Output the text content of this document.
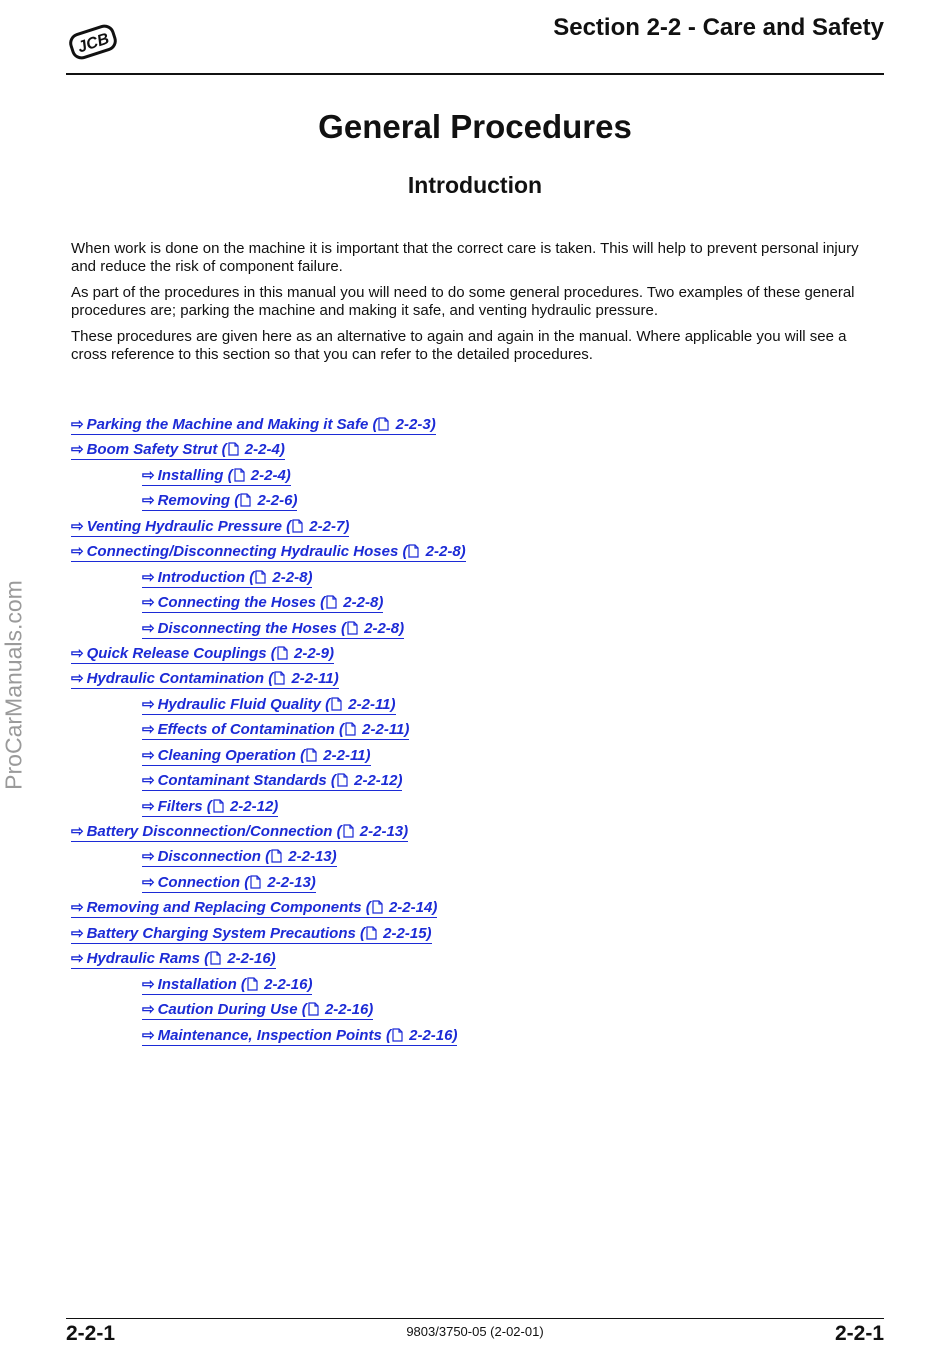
JCB
Section 2-2 - Care and Safety
General Procedures
Introduction

When work is done on the machine it is important that the correct care is taken. This will help to prevent personal injury and reduce the risk of component failure.

As part of the procedures in this manual you will need to do some general procedures. Two examples of these general procedures are; parking the machine and making it safe, and venting hydraulic pressure.

These procedures are given here as an alternative to again and again in the manual. Where applicable you will see a cross reference to this section so that you can refer to the detailed procedures.

⇨ Parking the Machine and Making it Safe ( 2-2-3)
⇨ Boom Safety Strut ( 2-2-4)
⇨ Installing ( 2-2-4)
⇨ Removing ( 2-2-6)
⇨ Venting Hydraulic Pressure ( 2-2-7)
⇨ Connecting/Disconnecting Hydraulic Hoses ( 2-2-8)
⇨ Introduction ( 2-2-8)
⇨ Connecting the Hoses ( 2-2-8)
⇨ Disconnecting the Hoses ( 2-2-8)
⇨ Quick Release Couplings ( 2-2-9)
⇨ Hydraulic Contamination ( 2-2-11)
⇨ Hydraulic Fluid Quality ( 2-2-11)
⇨ Effects of Contamination ( 2-2-11)
⇨ Cleaning Operation ( 2-2-11)
⇨ Contaminant Standards ( 2-2-12)
⇨ Filters ( 2-2-12)
⇨ Battery Disconnection/Connection ( 2-2-13)
⇨ Disconnection ( 2-2-13)
⇨ Connection ( 2-2-13)
⇨ Removing and Replacing Components ( 2-2-14)
⇨ Battery Charging System Precautions ( 2-2-15)
⇨ Hydraulic Rams ( 2-2-16)
⇨ Installation ( 2-2-16)
⇨ Caution During Use ( 2-2-16)
⇨ Maintenance, Inspection Points ( 2-2-16)
ProCarManuals.com
2-2-1	9803/3750-05 (2-02-01)	2-2-1
